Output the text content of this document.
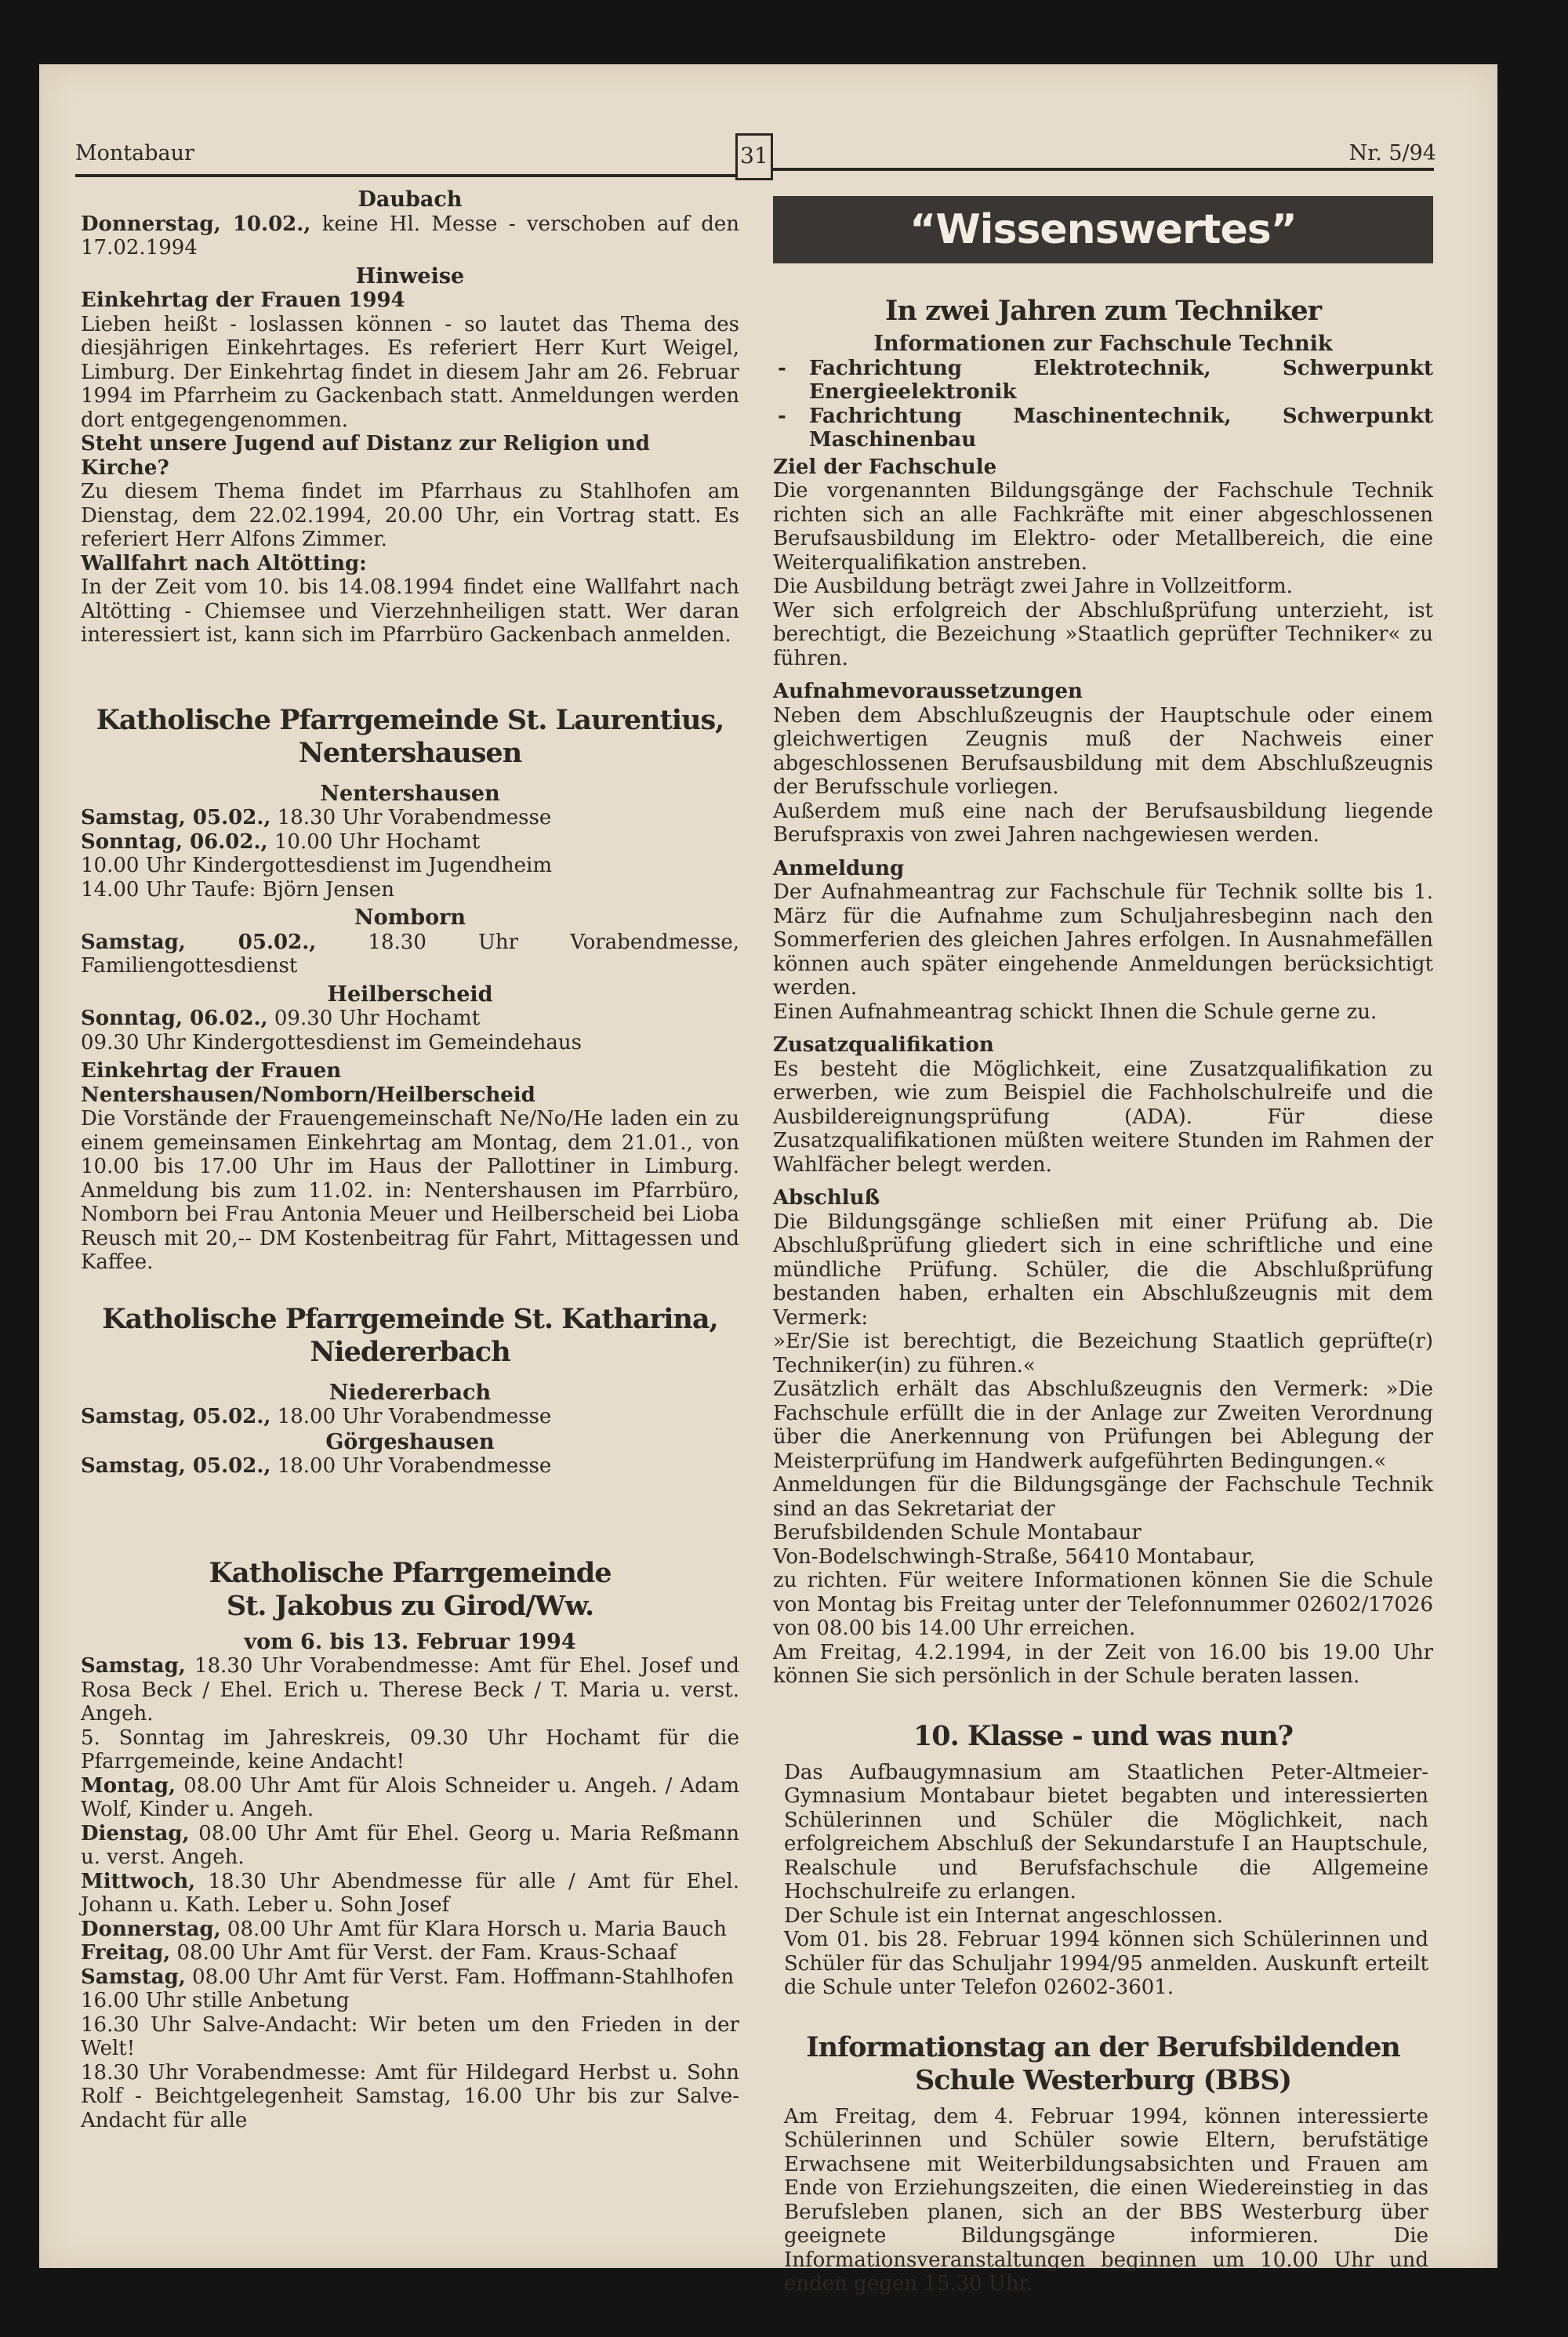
Montabaur	31	Nr. 5/94
Daubach

Donnerstag, 10.02., keine Hl. Messe - verschoben auf den 17.02.1994

Hinweise
Einkehrtag der Frauen 1994

Lieben heißt - loslassen können - so lautet das Thema des diesjährigen Einkehrtages. Es referiert Herr Kurt Weigel, Limburg. Der Einkehrtag findet in diesem Jahr am 26. Februar 1994 im Pfarrheim zu Gackenbach statt. Anmeldungen werden dort entgegengenommen.

Steht unsere Jugend auf Distanz zur Religion und Kirche?

Zu diesem Thema findet im Pfarrhaus zu Stahlhofen am Dienstag, dem 22.02.1994, 20.00 Uhr, ein Vortrag statt. Es referiert Herr Alfons Zimmer.

Wallfahrt nach Altötting:

In der Zeit vom 10. bis 14.08.1994 findet eine Wallfahrt nach Altötting - Chiemsee und Vierzehnheiligen statt. Wer daran interessiert ist, kann sich im Pfarrbüro Gackenbach anmelden.

Katholische Pfarrgemeinde St. Laurentius,
Nentershausen
Nentershausen

Samstag, 05.02., 18.30 Uhr Vorabendmesse

Sonntag, 06.02., 10.00 Uhr Hochamt

10.00 Uhr Kindergottesdienst im Jugendheim

14.00 Uhr Taufe: Björn Jensen

Nomborn

Samstag, 05.02., 18.30 Uhr Vorabendmesse, Familiengottesdienst

Heilberscheid

Sonntag, 06.02., 09.30 Uhr Hochamt

09.30 Uhr Kindergottesdienst im Gemeindehaus

Einkehrtag der Frauen Nentershausen/Nomborn/Heilberscheid

Die Vorstände der Frauengemeinschaft Ne/No/He laden ein zu einem gemeinsamen Einkehrtag am Montag, dem 21.01., von 10.00 bis 17.00 Uhr im Haus der Pallottiner in Limburg. Anmeldung bis zum 11.02. in: Nentershausen im Pfarrbüro, Nomborn bei Frau Antonia Meuer und Heilberscheid bei Lioba Reusch mit 20,-- DM Kostenbeitrag für Fahrt, Mittagessen und Kaffee.

Katholische Pfarrgemeinde St. Katharina,
Niedererbach
Niedererbach

Samstag, 05.02., 18.00 Uhr Vorabendmesse

Görgeshausen

Samstag, 05.02., 18.00 Uhr Vorabendmesse

Katholische Pfarrgemeinde
St. Jakobus zu Girod/Ww.
vom 6. bis 13. Februar 1994

Samstag, 18.30 Uhr Vorabendmesse: Amt für Ehel. Josef und Rosa Beck / Ehel. Erich u. Therese Beck / T. Maria u. verst. Angeh.

5. Sonntag im Jahreskreis, 09.30 Uhr Hochamt für die Pfarrgemeinde, keine Andacht!

Montag, 08.00 Uhr Amt für Alois Schneider u. Angeh. / Adam Wolf, Kinder u. Angeh.

Dienstag, 08.00 Uhr Amt für Ehel. Georg u. Maria Reßmann u. verst. Angeh.

Mittwoch, 18.30 Uhr Abendmesse für alle / Amt für Ehel. Johann u. Kath. Leber u. Sohn Josef

Donnerstag, 08.00 Uhr Amt für Klara Horsch u. Maria Bauch

Freitag, 08.00 Uhr Amt für Verst. der Fam. Kraus-Schaaf

Samstag, 08.00 Uhr Amt für Verst. Fam. Hoffmann-Stahlhofen

16.00 Uhr stille Anbetung

16.30 Uhr Salve-Andacht: Wir beten um den Frieden in der Welt!

18.30 Uhr Vorabendmesse: Amt für Hildegard Herbst u. Sohn Rolf - Beichtgelegenheit Samstag, 16.00 Uhr bis zur Salve-Andacht für alle

“Wissenswertes”
In zwei Jahren zum Techniker
Informationen zur Fachschule Technik
-	Fachrichtung Elektrotechnik, Schwerpunkt Energieelektronik
-	Fachrichtung Maschinentechnik, Schwerpunkt Maschinenbau
Ziel der Fachschule

Die vorgenannten Bildungsgänge der Fachschule Technik richten sich an alle Fachkräfte mit einer abgeschlossenen Berufsausbildung im Elektro- oder Metallbereich, die eine Weiterqualifikation anstreben.

Die Ausbildung beträgt zwei Jahre in Vollzeitform.

Wer sich erfolgreich der Abschlußprüfung unterzieht, ist berechtigt, die Bezeichung »Staatlich geprüfter Techniker« zu führen.

Aufnahmevoraussetzungen

Neben dem Abschlußzeugnis der Hauptschule oder einem gleichwertigen Zeugnis muß der Nachweis einer abgeschlossenen Berufsausbildung mit dem Abschlußzeugnis der Berufsschule vorliegen.

Außerdem muß eine nach der Berufsausbildung liegende Berufspraxis von zwei Jahren nachgewiesen werden.

Anmeldung

Der Aufnahmeantrag zur Fachschule für Technik sollte bis 1. März für die Aufnahme zum Schuljahresbeginn nach den Sommerferien des gleichen Jahres erfolgen. In Ausnahmefällen können auch später eingehende Anmeldungen berücksichtigt werden.

Einen Aufnahmeantrag schickt Ihnen die Schule gerne zu.

Zusatzqualifikation

Es besteht die Möglichkeit, eine Zusatzqualifikation zu erwerben, wie zum Beispiel die Fachholschulreife und die Ausbildereignungsprüfung (ADA). Für diese Zusatzqualifikationen müßten weitere Stunden im Rahmen der Wahlfächer belegt werden.

Abschluß

Die Bildungsgänge schließen mit einer Prüfung ab. Die Abschlußprüfung gliedert sich in eine schriftliche und eine mündliche Prüfung. Schüler, die die Abschlußprüfung bestanden haben, erhalten ein Abschlußzeugnis mit dem Vermerk:

»Er/Sie ist berechtigt, die Bezeichung Staatlich geprüfte(r) Techniker(in) zu führen.«

Zusätzlich erhält das Abschlußzeugnis den Vermerk: »Die Fachschule erfüllt die in der Anlage zur Zweiten Verordnung über die Anerkennung von Prüfungen bei Ablegung der Meisterprüfung im Handwerk aufgeführten Bedingungen.«

Anmeldungen für die Bildungsgänge der Fachschule Technik sind an das Sekretariat der

Berufsbildenden Schule Montabaur

Von-Bodelschwingh-Straße, 56410 Montabaur,

zu richten. Für weitere Informationen können Sie die Schule von Montag bis Freitag unter der Telefonnummer 02602/17026 von 08.00 bis 14.00 Uhr erreichen.

Am Freitag, 4.2.1994, in der Zeit von 16.00 bis 19.00 Uhr können Sie sich persönlich in der Schule beraten lassen.

10. Klasse - und was nun?

Das Aufbaugymnasium am Staatlichen Peter-Altmeier-Gymnasium Montabaur bietet begabten und interessierten Schülerinnen und Schüler die Möglichkeit, nach erfolgreichem Abschluß der Sekundarstufe I an Hauptschule, Realschule und Berufsfachschule die Allgemeine Hochschulreife zu erlangen.

Der Schule ist ein Internat angeschlossen.

Vom 01. bis 28. Februar 1994 können sich Schülerinnen und Schüler für das Schuljahr 1994/95 anmelden. Auskunft erteilt die Schule unter Telefon 02602-3601.

Informationstag an der Berufsbildenden
Schule Westerburg (BBS)

Am Freitag, dem 4. Februar 1994, können interessierte Schülerinnen und Schüler sowie Eltern, berufstätige Erwachsene mit Weiterbildungsabsichten und Frauen am Ende von Erziehungszeiten, die einen Wiedereinstieg in das Berufsleben planen, sich an der BBS Westerburg über geeignete Bildungsgänge informieren. Die Informationsveranstaltungen beginnen um 10.00 Uhr und enden gegen 15.30 Uhr.
